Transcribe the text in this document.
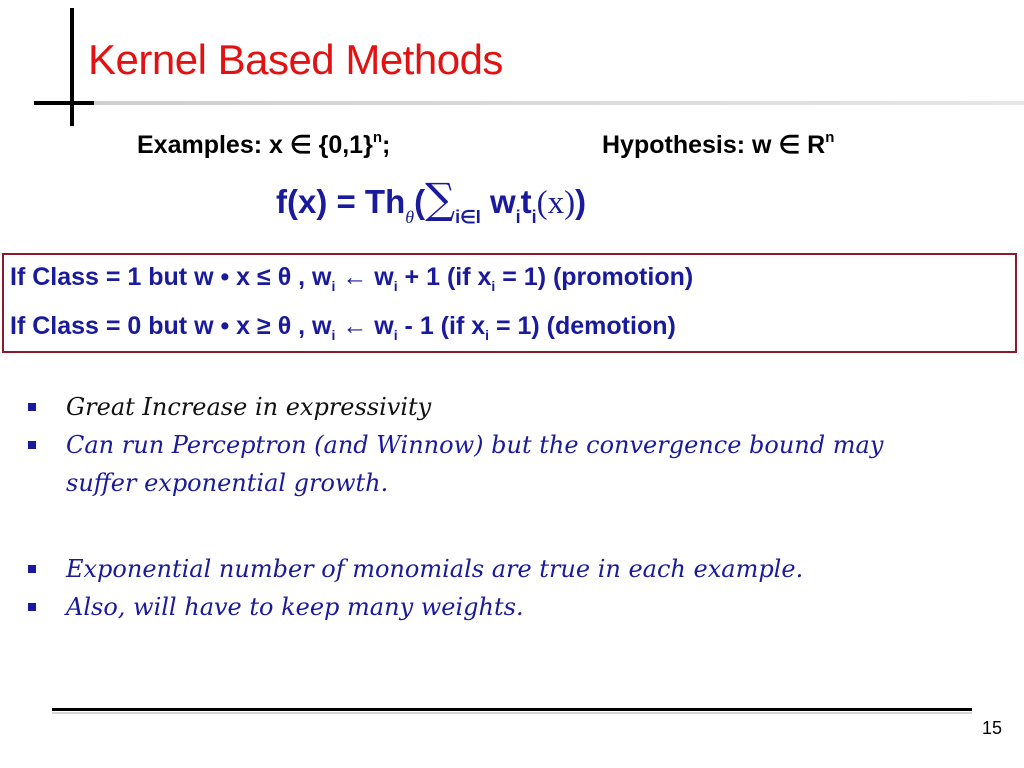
Kernel Based Methods
Examples: x ∈ $\{0,1\}^n$;	Hypothesis: w ∈ $R^n$
$f(x) = Th_\theta(\sum_{i\in I}$ $w_it_i(x)$)
If Class = 1 but w • x ≤ θ , $w_i$ ← $w_i + 1$ (if $x_i = 1$) (promotion)
If Class = 0 but w • x ≥ θ , $w_i$ ← $w_i - 1$ (if $x_i = 1$) (demotion)
Great Increase in expressivity
Can run Perceptron (and Winnow) but the convergence bound may suffer exponential growth.
Exponential number of monomials are true in each example.
Also, will have to keep many weights.
15
